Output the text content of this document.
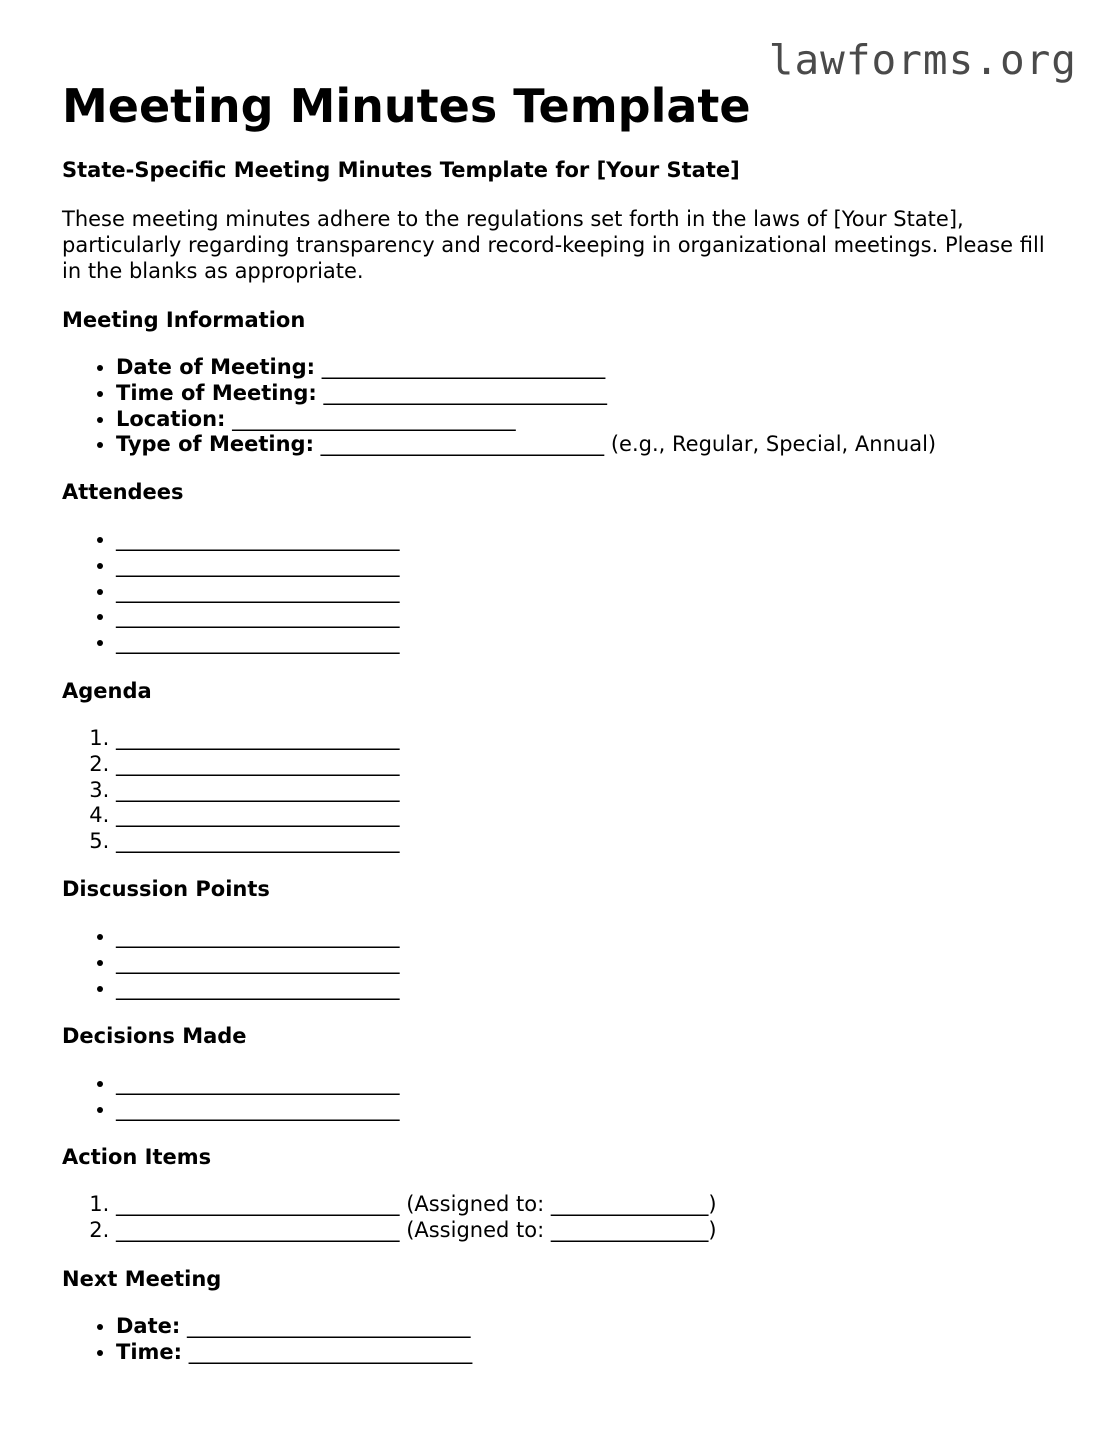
lawforms.org
Meeting Minutes Template

State-Specific Meeting Minutes Template for [Your State]

These meeting minutes adhere to the regulations set forth in the laws of [Your State], particularly regarding transparency and record-keeping in organizational meetings. Please fill in the blanks as appropriate.

Meeting Information

• Date of Meeting: ___________________________
• Time of Meeting: ___________________________
• Location: ___________________________
• Type of Meeting: ___________________________ (e.g., Regular, Special, Annual)

Attendees

• ___________________________
• ___________________________
• ___________________________
• ___________________________
• ___________________________

Agenda

1. ___________________________
2. ___________________________
3. ___________________________
4. ___________________________
5. ___________________________

Discussion Points

• ___________________________
• ___________________________
• ___________________________

Decisions Made

• ___________________________
• ___________________________

Action Items

1. ___________________________ (Assigned to: _______________)
2. ___________________________ (Assigned to: _______________)

Next Meeting

• Date: ___________________________
• Time: ___________________________
